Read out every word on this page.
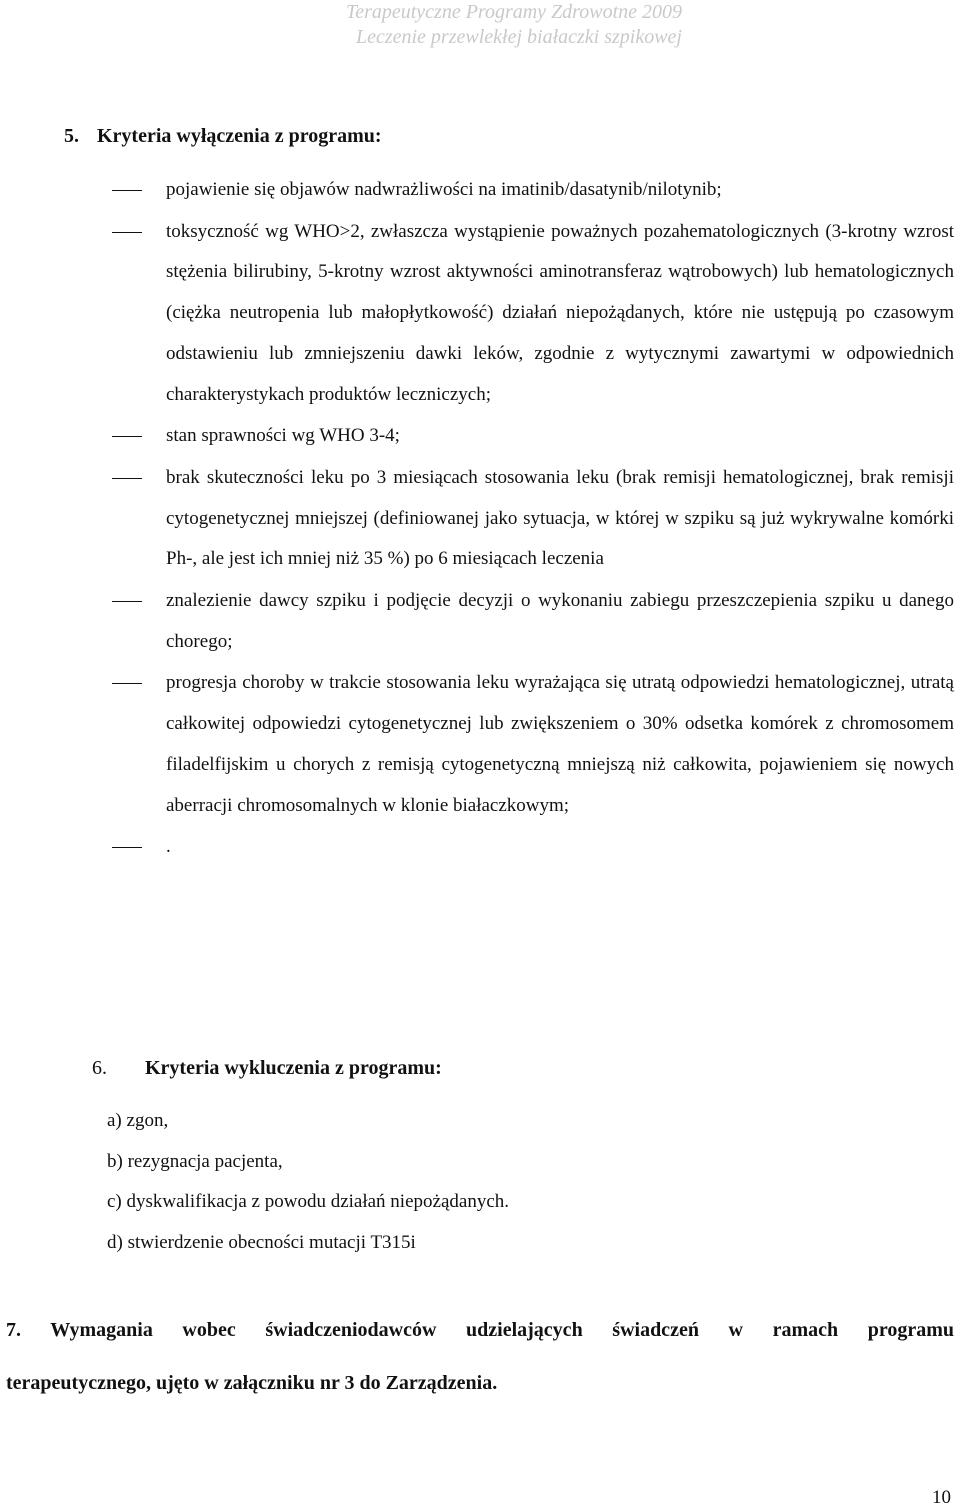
Terapeutyczne Programy Zdrowotne 2009
Leczenie przewlekłej białaczki szpikowej
5. Kryteria wyłączenia z programu:
pojawienie się objawów nadwrażliwości na imatinib/dasatynib/nilotynib;
toksyczność wg WHO>2, zwłaszcza wystąpienie poważnych pozahematologicznych (3-krotny wzrost stężenia bilirubiny, 5-krotny wzrost aktywności aminotransferaz wątrobowych) lub hematologicznych (ciężka neutropenia lub małopłytkowość) działań niepożądanych, które nie ustępują po czasowym odstawieniu lub zmniejszeniu dawki leków, zgodnie z wytycznymi zawartymi w odpowiednich charakterystykach produktów leczniczych;
stan sprawności wg WHO 3-4;
brak skuteczności leku po 3 miesiącach stosowania leku (brak remisji hematologicznej, brak remisji cytogenetycznej mniejszej (definiowanej jako sytuacja, w której w szpiku są już wykrywalne komórki Ph-, ale jest ich mniej niż 35 %) po 6 miesiącach leczenia
znalezienie dawcy szpiku i podjęcie decyzji o wykonaniu zabiegu przeszczepienia szpiku u danego chorego;
progresja choroby w trakcie stosowania leku wyrażająca się utratą odpowiedzi hematologicznej, utratą całkowitej odpowiedzi cytogenetycznej lub zwiększeniem o 30% odsetka komórek z chromosomem filadelfijskim u chorych z remisją cytogenetyczną mniejszą niż całkowita, pojawieniem się nowych aberracji chromosomalnych w klonie białaczkowym;
.
6. Kryteria wykluczenia z programu:
a) zgon,
b) rezygnacja pacjenta,
c) dyskwalifikacja z powodu działań niepożądanych.
d) stwierdzenie obecności mutacji T315i
7. Wymagania wobec świadczeniodawców udzielających świadczeń w ramach programu
terapeutycznego, ujęto w załączniku nr 3 do Zarządzenia.
10
